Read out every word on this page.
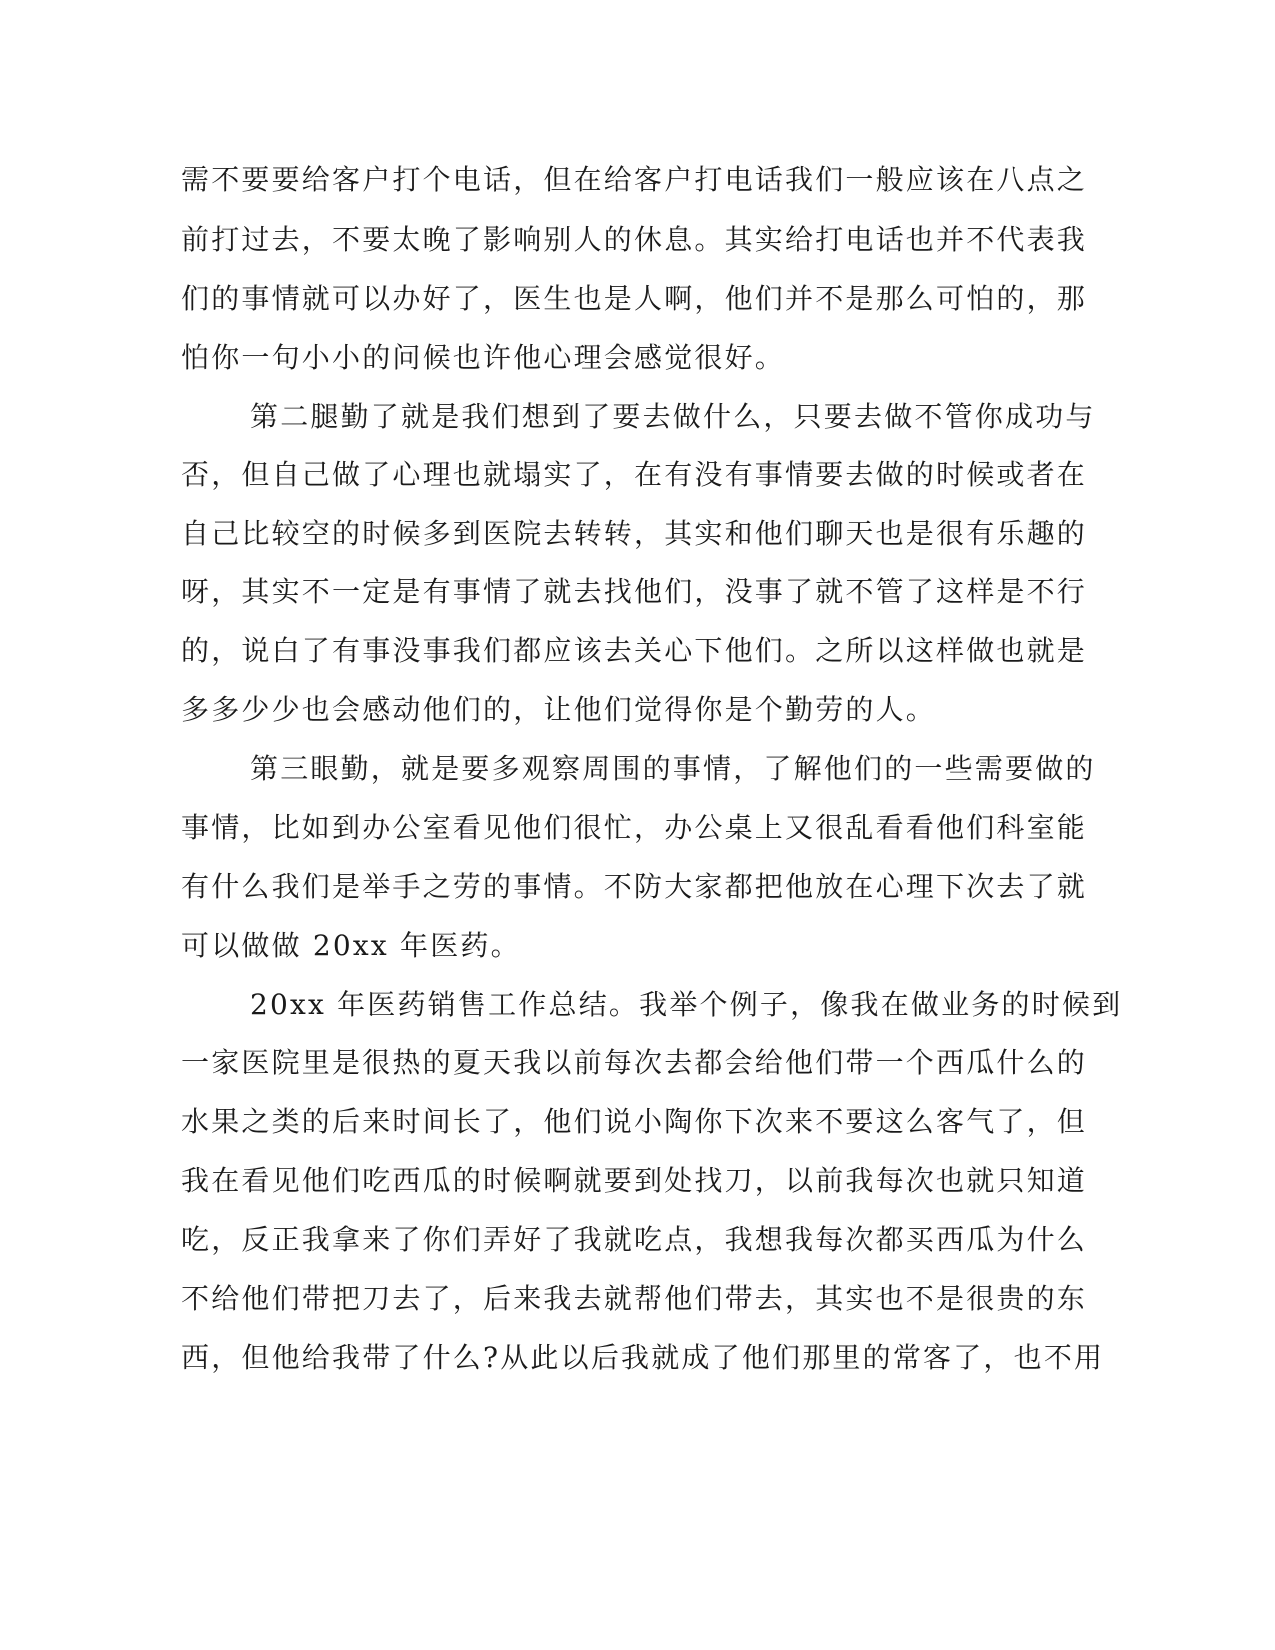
需不要要给客户打个电话，但在给客户打电话我们一般应该在八点之
前打过去，不要太晚了影响别人的休息。其实给打电话也并不代表我
们的事情就可以办好了，医生也是人啊，他们并不是那么可怕的，那
怕你一句小小的问候也许他心理会感觉很好。
第二腿勤了就是我们想到了要去做什么，只要去做不管你成功与
否，但自己做了心理也就塌实了，在有没有事情要去做的时候或者在
自己比较空的时候多到医院去转转，其实和他们聊天也是很有乐趣的
呀，其实不一定是有事情了就去找他们，没事了就不管了这样是不行
的，说白了有事没事我们都应该去关心下他们。之所以这样做也就是
多多少少也会感动他们的，让他们觉得你是个勤劳的人。
第三眼勤，就是要多观察周围的事情，了解他们的一些需要做的
事情，比如到办公室看见他们很忙，办公桌上又很乱看看他们科室能
有什么我们是举手之劳的事情。不防大家都把他放在心理下次去了就
可以做做 20xx 年医药。
20xx 年医药销售工作总结。我举个例子，像我在做业务的时候到
一家医院里是很热的夏天我以前每次去都会给他们带一个西瓜什么的
水果之类的后来时间长了，他们说小陶你下次来不要这么客气了，但
我在看见他们吃西瓜的时候啊就要到处找刀，以前我每次也就只知道
吃，反正我拿来了你们弄好了我就吃点，我想我每次都买西瓜为什么
不给他们带把刀去了，后来我去就帮他们带去，其实也不是很贵的东
西，但他给我带了什么?从此以后我就成了他们那里的常客了，也不用
